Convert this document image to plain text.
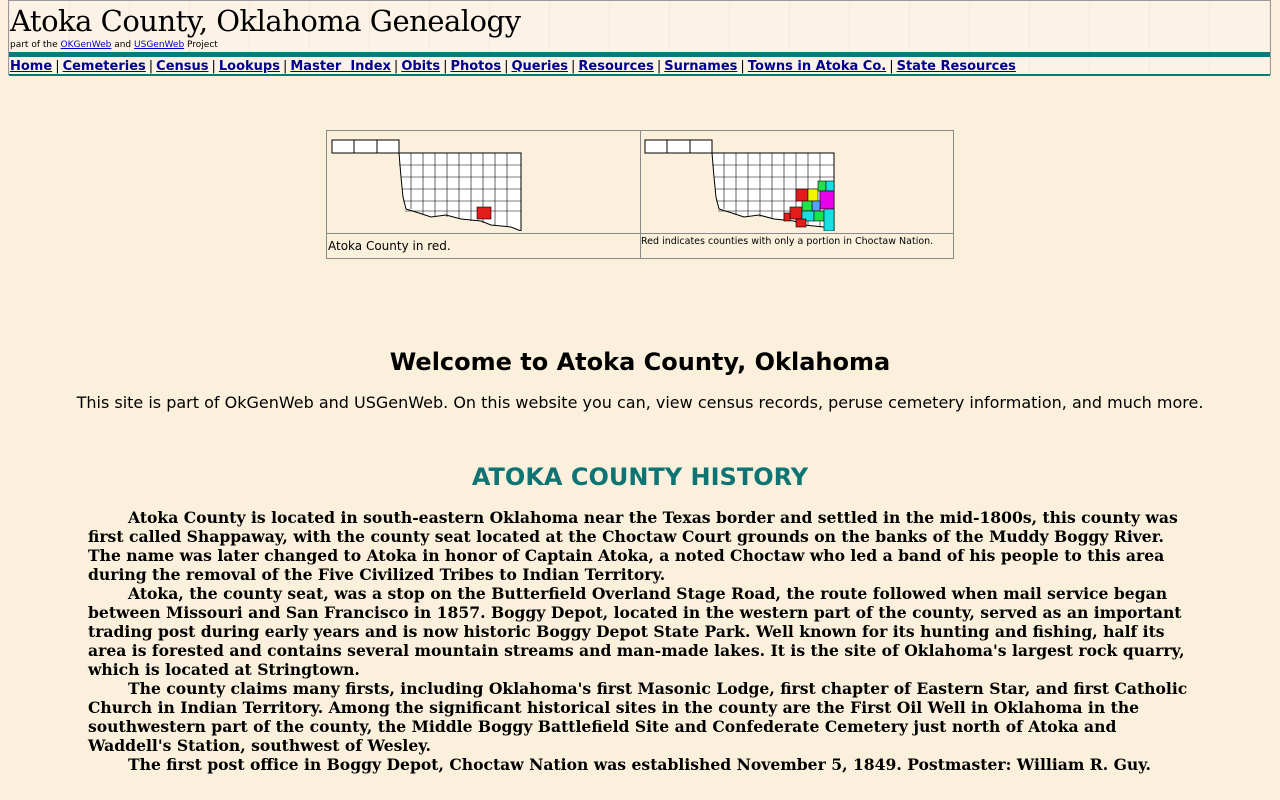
Atoka County, Oklahoma Genealogy
part of the OKGenWeb and USGenWeb Project
Home | Cemeteries | Census | Lookups | Master  Index | Obits | Photos | Queries | Resources | Surnames | Towns in Atoka Co. | State Resources
Atoka County in red.	Red indicates counties with only a portion in Choctaw Nation.
Welcome to Atoka County, Oklahoma
This site is part of OkGenWeb and USGenWeb. On this website you can, view census records, peruse cemetery information, and much more.
ATOKA COUNTY HISTORY

Atoka County is located in south-eastern Oklahoma near the Texas border and settled in the mid-1800s, this county was first called Shappaway, with the county seat located at the Choctaw Court grounds on the banks of the Muddy Boggy River. The name was later changed to Atoka in honor of Captain Atoka, a noted Choctaw who led a band of his people to this area during the removal of the Five Civilized Tribes to Indian Territory.

Atoka, the county seat, was a stop on the Butterfield Overland Stage Road, the route followed when mail service began between Missouri and San Francisco in 1857. Boggy Depot, located in the western part of the county, served as an important trading post during early years and is now historic Boggy Depot State Park. Well known for its hunting and fishing, half its area is forested and contains several mountain streams and man-made lakes. It is the site of Oklahoma's largest rock quarry, which is located at Stringtown.

The county claims many firsts, including Oklahoma's first Masonic Lodge, first chapter of Eastern Star, and first Catholic Church in Indian Territory. Among the significant historical sites in the county are the First Oil Well in Oklahoma in the southwestern part of the county, the Middle Boggy Battlefield Site and Confederate Cemetery just north of Atoka and Waddell's Station, southwest of Wesley.

The first post office in Boggy Depot, Choctaw Nation was established November 5, 1849. Postmaster: William R. Guy.
